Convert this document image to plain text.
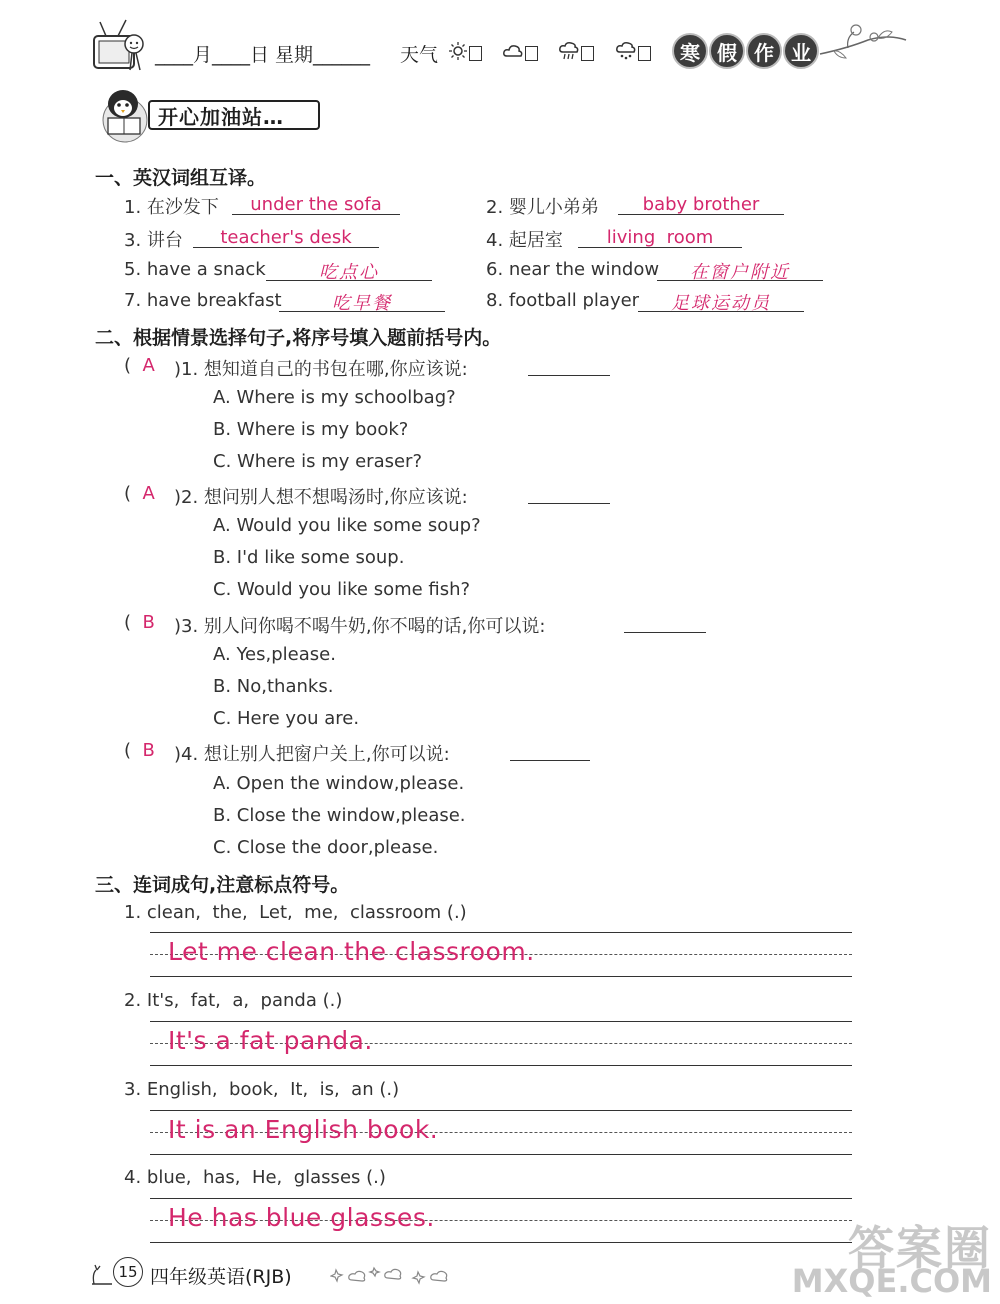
____月____日 星期______ 天气
	寒 假 作 业
开心加油站…
一、英汉词组互译。
1. 在沙发下	under the sofa	2. 婴儿小弟弟	baby brother
3. 讲台	teacher's desk	4. 起居室	living  room
5. have a snack	吃点心	6. near the window	在窗户附近
7. have breakfast	吃早餐	8. football player	足球运动员
二、根据情景选择句子,将序号填入题前括号内。
(  A	)1. 想知道自己的书包在哪,你应该说:
A. Where is my schoolbag?
B. Where is my book?
C. Where is my eraser?
(  A	)2. 想问别人想不想喝汤时,你应该说:
A. Would you like some soup?
B. I'd like some soup.
C. Would you like some fish?
(  B	)3. 别人问你喝不喝牛奶,你不喝的话,你可以说:
A. Yes,please.
B. No,thanks.
C. Here you are.
(  B	)4. 想让别人把窗户关上,你可以说:
A. Open the window,please.
B. Close the window,please.
C. Close the door,please.
三、连词成句,注意标点符号。
1. clean,  the,  Let,  me,  classroom (.)
Let me clean the classroom.
2. It's,  fat,  a,  panda (.)
It's a fat panda.
3. English,  book,  It,  is,  an (.)
It is an English book.
4. blue,  has,  He,  glasses (.)
He has blue glasses.
15 四年级英语(RJB)
答案圈
MXQE.COM
